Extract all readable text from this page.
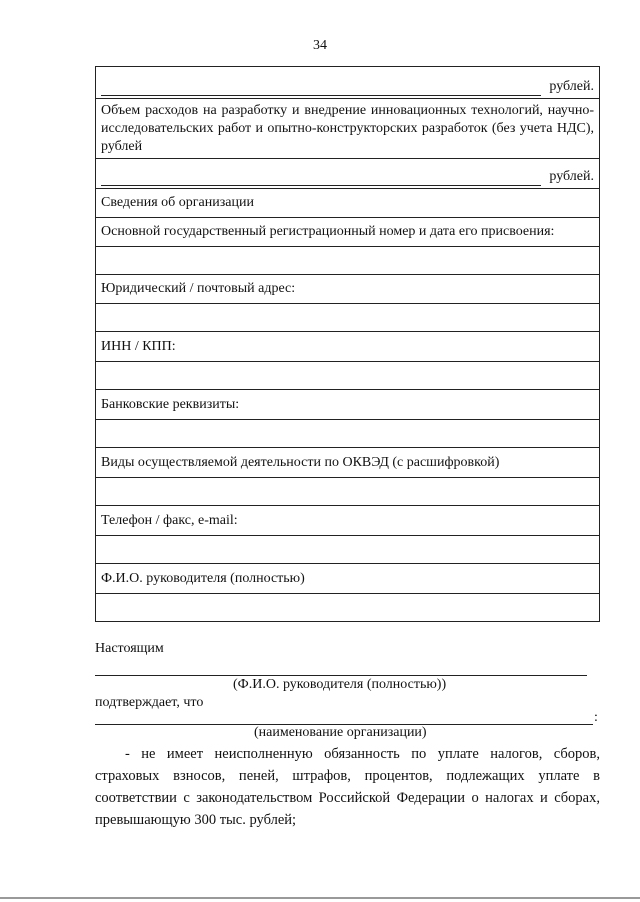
34
рублей.

Объем расходов на разработку и внедрение инновационных технологий, научно-исследовательских работ и опытно-конструкторских разработок (без учета НДС), рублей

рублей.

Сведения об организации
Основной государственный регистрационный номер и дата его присвоения:

Юридический / почтовый адрес:

ИНН / КПП:

Банковские реквизиты:

Виды осуществляемой деятельности по ОКВЭД (с расшифровкой)

Телефон / факс, e-mail:

Ф.И.О. руководителя (полностью)

Настоящим
(Ф.И.О. руководителя (полностью))
подтверждает, что
:
(наименование организации)
- не имеет неисполненную обязанность по уплате налогов, сборов, страховых взносов, пеней, штрафов, процентов, подлежащих уплате в соответствии с законодательством Российской Федерации о налогах и сборах, превышающую 300 тыс. рублей;
